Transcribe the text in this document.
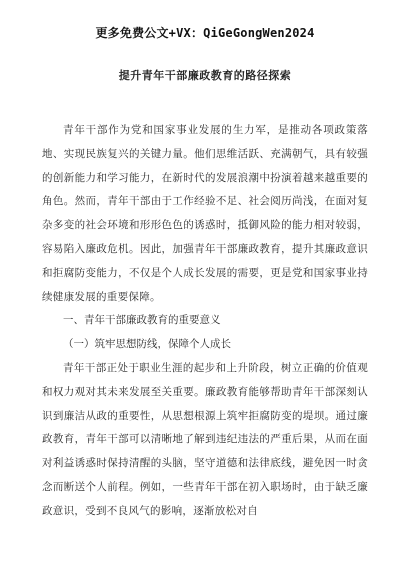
更多免费公文+VX：QiGeGongWen2024
提升青年干部廉政教育的路径探索

青年干部作为党和国家事业发展的生力军，是推动各项政策落地、实现民族复兴的关键力量。他们思维活跃、充满朝气，具有较强的创新能力和学习能力，在新时代的发展浪潮中扮演着越来越重要的角色。然而，青年干部由于工作经验不足、社会阅历尚浅，在面对复杂多变的社会环境和形形色色的诱惑时，抵御风险的能力相对较弱，容易陷入廉政危机。因此，加强青年干部廉政教育，提升其廉政意识和拒腐防变能力，不仅是个人成长发展的需要，更是党和国家事业持续健康发展的重要保障。

一、青年干部廉政教育的重要意义

（一）筑牢思想防线，保障个人成长

青年干部正处于职业生涯的起步和上升阶段，树立正确的价值观和权力观对其未来发展至关重要。廉政教育能够帮助青年干部深刻认识到廉洁从政的重要性，从思想根源上筑牢拒腐防变的堤坝。通过廉政教育，青年干部可以清晰地了解到违纪违法的严重后果，从而在面对利益诱惑时保持清醒的头脑，坚守道德和法律底线，避免因一时贪念而断送个人前程。例如，一些青年干部在初入职场时，由于缺乏廉政意识，受到不良风气的影响，逐渐放松对自
